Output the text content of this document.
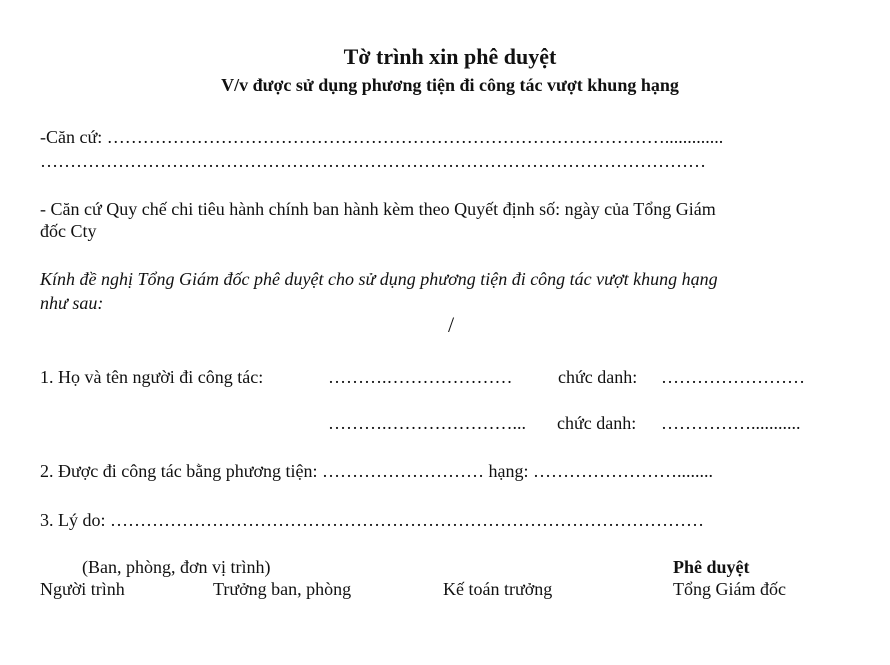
Tờ trình xin phê duyệt
V/v được sử dụng phương tiện đi công tác vượt khung hạng
-Căn cứ: ………………………………………………………………………………….............
…………………………………………………………………………………………………
- Căn cứ Quy chế chi tiêu hành chính ban hành kèm theo Quyết định số: ngày của Tổng Giám
đốc Cty
Kính đề nghị Tổng Giám đốc phê duyệt cho sử dụng phương tiện đi công tác vượt khung hạng
như sau:
/
1. Họ và tên người đi công tác:	……….…………………	chức danh: ……………………
……….…………………... chức danh: ……………...........
2. Được đi công tác bằng phương tiện: ……………………… hạng: ……………………........
3. Lý do: ………………………………………………………………………………………
(Ban, phòng, đơn vị trình)	Phê duyệt
Người trình	Trưởng ban, phòng	Kế toán trưởng	Tổng Giám đốc
